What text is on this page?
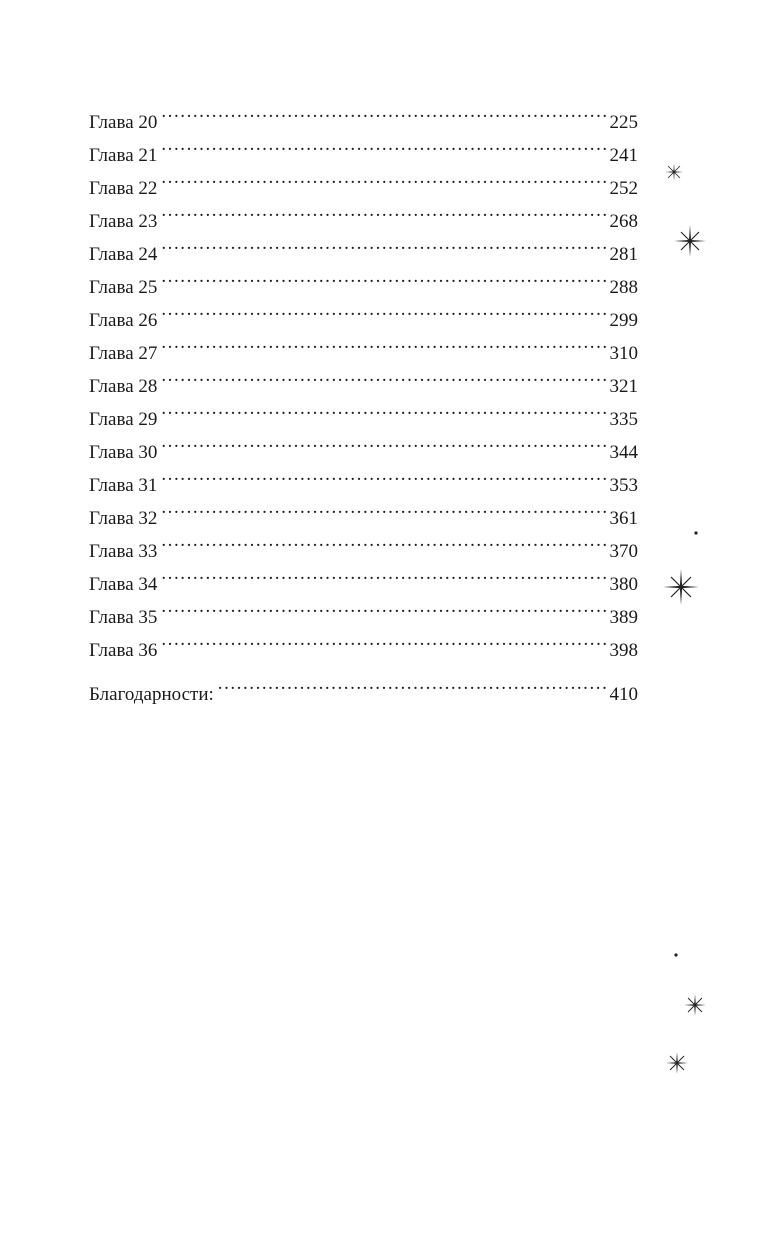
Глава 20 . . .	225
Глава 21 . . .	241
Глава 22 . . .	252
Глава 23 . . .	268
Глава 24 . . .	281
Глава 25 . . .	288
Глава 26 . . .	299
Глава 27 . . .	310
Глава 28 . . .	321
Глава 29 . . .	335
Глава 30 . . .	344
Глава 31 . . .	353
Глава 32 . . .	361
Глава 33 . . .	370
Глава 34 . . .	380
Глава 35 . . .	389
Глава 36 . . .	398
Благодарности: . . .	410
